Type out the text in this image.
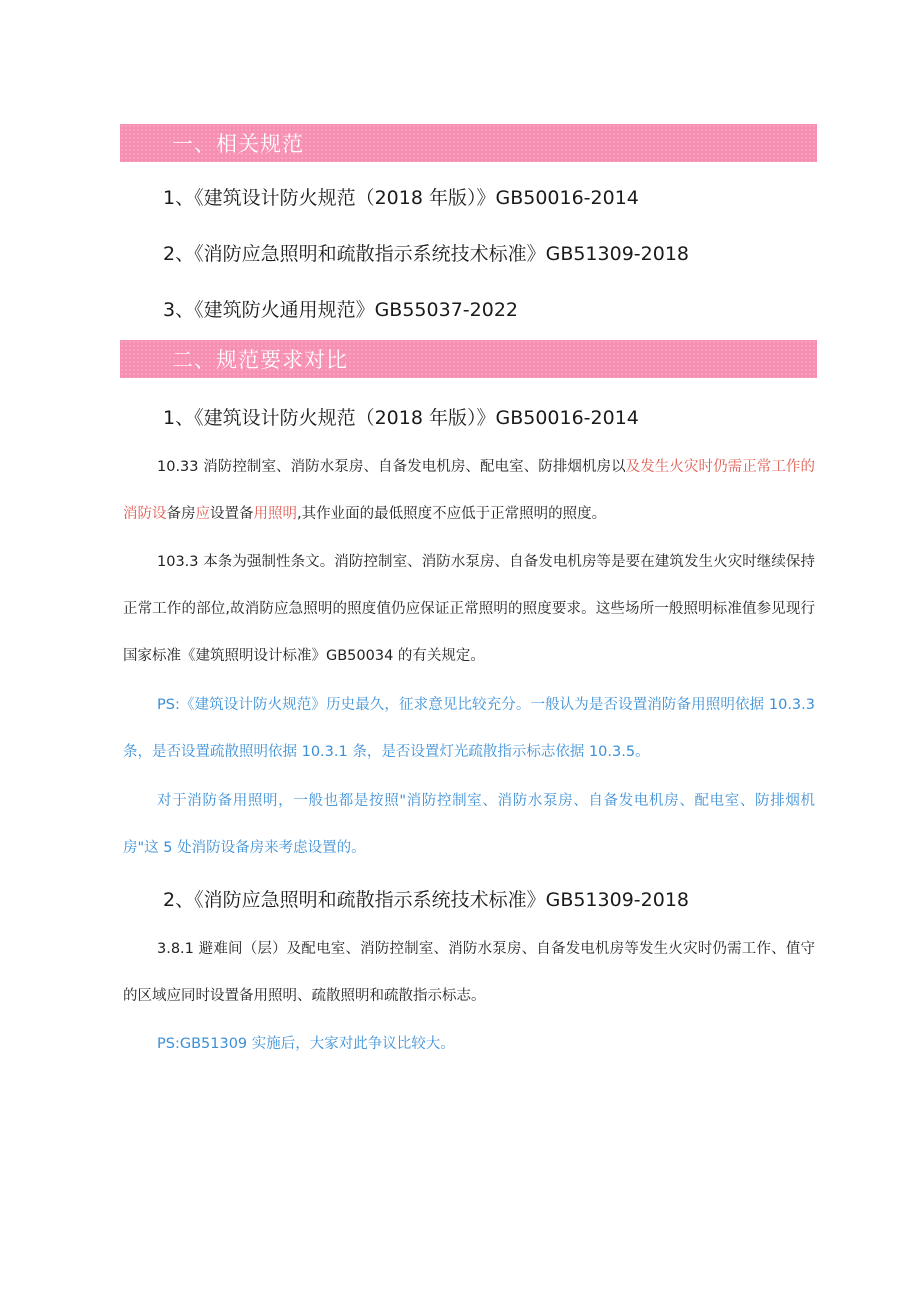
一、相关规范
1、《建筑设计防火规范（2018 年版）》GB50016-2014
2、《消防应急照明和疏散指示系统技术标准》GB51309-2018
3、《建筑防火通用规范》GB55037-2022
二、规范要求对比
1、《建筑设计防火规范（2018 年版）》GB50016-2014
10.33 消防控制室、消防水泵房、自备发电机房、配电室、防排烟机房以及发生火灾时仍需正常工作的消防设备房应设置备用照明,其作业面的最低照度不应低于正常照明的照度。
103.3 本条为强制性条文。消防控制室、消防水泵房、自备发电机房等是要在建筑发生火灾时继续保持正常工作的部位,故消防应急照明的照度值仍应保证正常照明的照度要求。这些场所一般照明标准值参见现行国家标准《建筑照明设计标准》GB50034 的有关规定。
PS:《建筑设计防火规范》历史最久，征求意见比较充分。一般认为是否设置消防备用照明依据 10.3.3 条，是否设置疏散照明依据 10.3.1 条，是否设置灯光疏散指示标志依据 10.3.5。
对于消防备用照明，一般也都是按照"消防控制室、消防水泵房、自备发电机房、配电室、防排烟机房"这 5 处消防设备房来考虑设置的。
2、《消防应急照明和疏散指示系统技术标准》GB51309-2018
3.8.1 避难间（层）及配电室、消防控制室、消防水泵房、自备发电机房等发生火灾时仍需工作、值守的区域应同时设置备用照明、疏散照明和疏散指示标志。
PS:GB51309 实施后，大家对此争议比较大。
